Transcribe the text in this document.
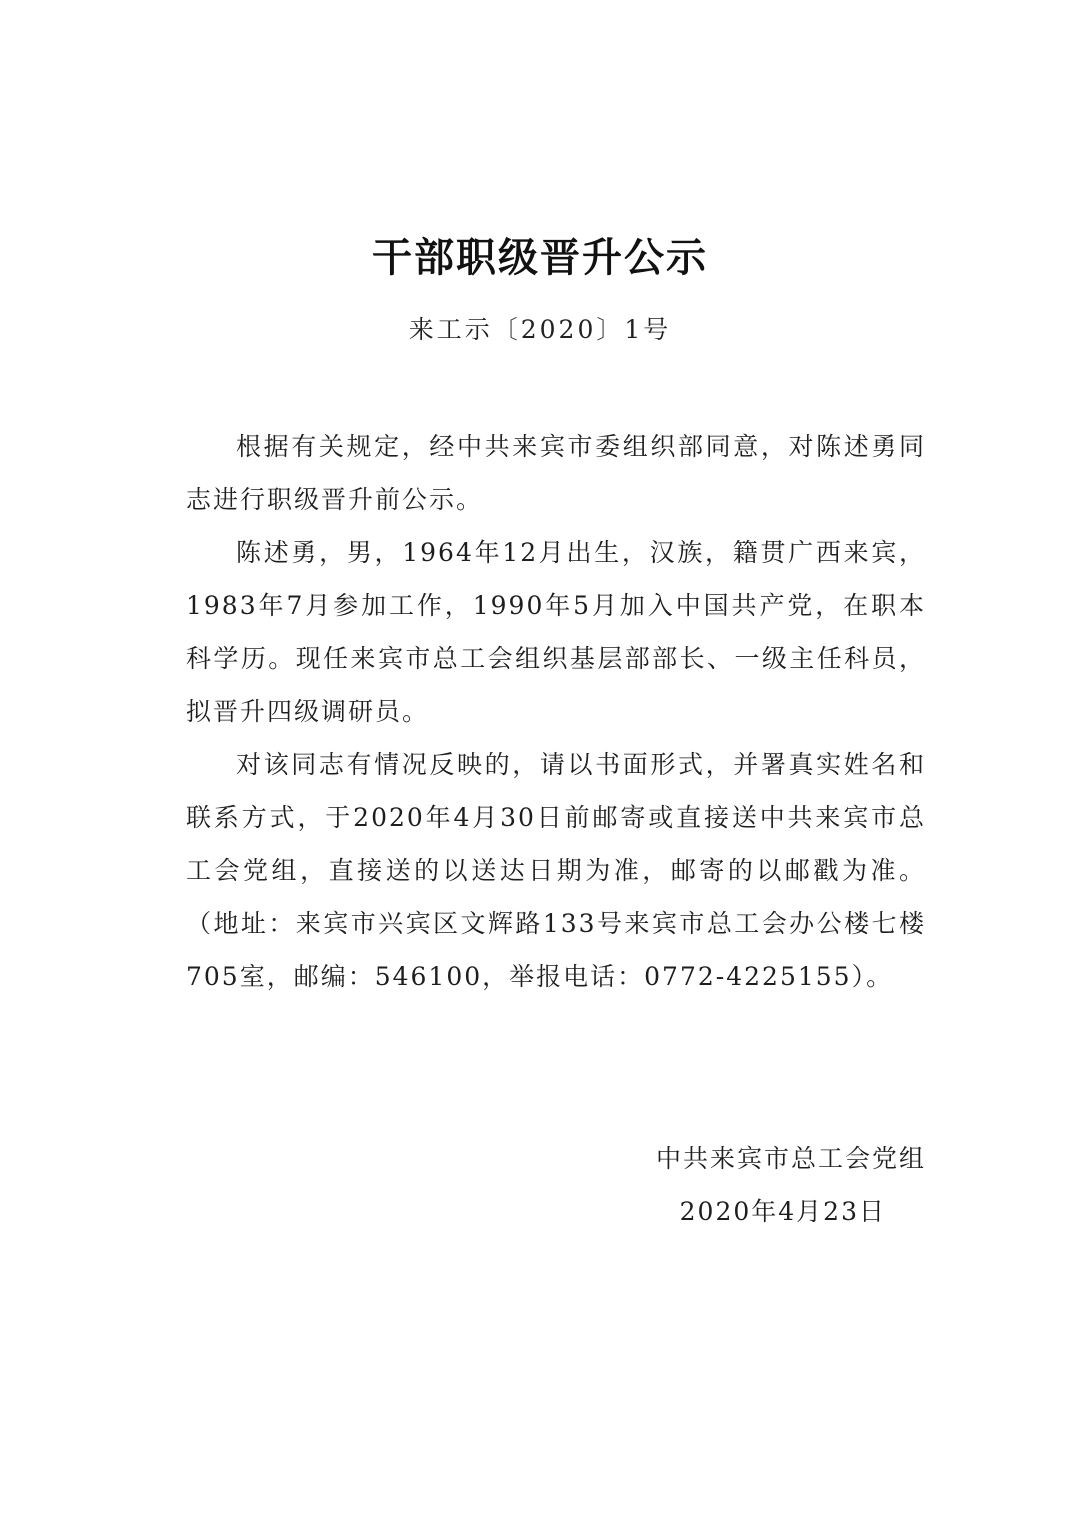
干部职级晋升公示
来工示〔2020〕1号

根据有关规定，经中共来宾市委组织部同意，对陈述勇同志进行职级晋升前公示。

陈述勇，男，1964年12月出生，汉族，籍贯广西来宾，1983年7月参加工作，1990年5月加入中国共产党，在职本科学历。现任来宾市总工会组织基层部部长、一级主任科员，拟晋升四级调研员。

对该同志有情况反映的，请以书面形式，并署真实姓名和联系方式，于2020年4月30日前邮寄或直接送中共来宾市总工会党组，直接送的以送达日期为准，邮寄的以邮戳为准。（地址：来宾市兴宾区文辉路133号来宾市总工会办公楼七楼705室，邮编：546100，举报电话：0772-4225155）。

中共来宾市总工会党组
2020年4月23日
